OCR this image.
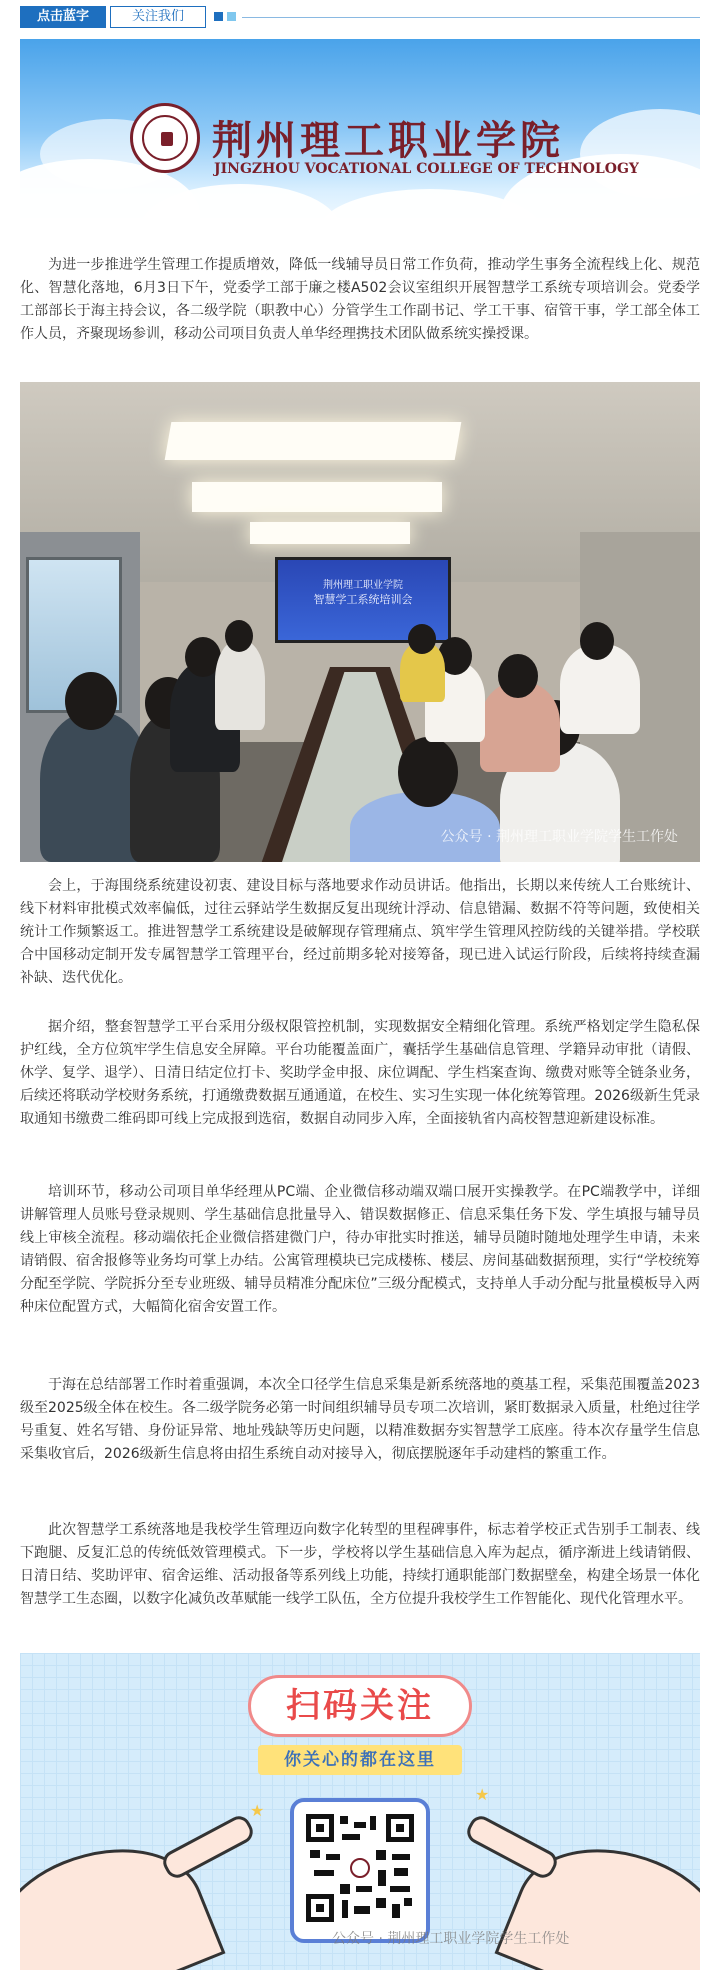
点击蓝字	关注我们
荆州理工职业学院
JINGZHOU VOCATIONAL COLLEGE OF TECHNOLOGY

为进一步推进学生管理工作提质增效，降低一线辅导员日常工作负荷，推动学生事务全流程线上化、规范化、智慧化落地，6月3日下午，党委学工部于廉之楼A502会议室组织开展智慧学工系统专项培训会。党委学工部部长于海主持会议，各二级学院（职教中心）分管学生工作副书记、学工干事、宿管干事，学工部全体工作人员，齐聚现场参训，移动公司项目负责人单华经理携技术团队做系统实操授课。

荆州理工职业学院
智慧学工系统培训会
公众号 · 荆州理工职业学院学生工作处

会上，于海围绕系统建设初衷、建设目标与落地要求作动员讲话。他指出，长期以来传统人工台账统计、线下材料审批模式效率偏低，过往云驿站学生数据反复出现统计浮动、信息错漏、数据不符等问题，致使相关统计工作频繁返工。推进智慧学工系统建设是破解现存管理痛点、筑牢学生管理风控防线的关键举措。学校联合中国移动定制开发专属智慧学工管理平台，经过前期多轮对接筹备，现已进入试运行阶段，后续将持续查漏补缺、迭代优化。

据介绍，整套智慧学工平台采用分级权限管控机制，实现数据安全精细化管理。系统严格划定学生隐私保护红线，全方位筑牢学生信息安全屏障。平台功能覆盖面广，囊括学生基础信息管理、学籍异动审批（请假、休学、复学、退学）、日清日结定位打卡、奖助学金申报、床位调配、学生档案查询、缴费对账等全链条业务，后续还将联动学校财务系统，打通缴费数据互通通道，在校生、实习生实现一体化统筹管理。2026级新生凭录取通知书缴费二维码即可线上完成报到选宿，数据自动同步入库，全面接轨省内高校智慧迎新建设标准。

培训环节，移动公司项目单华经理从PC端、企业微信移动端双端口展开实操教学。在PC端教学中，详细讲解管理人员账号登录规则、学生基础信息批量导入、错误数据修正、信息采集任务下发、学生填报与辅导员线上审核全流程。移动端依托企业微信搭建微门户，待办审批实时推送，辅导员随时随地处理学生申请，未来请销假、宿舍报修等业务均可掌上办结。公寓管理模块已完成楼栋、楼层、房间基础数据预理，实行“学校统筹分配至学院、学院拆分至专业班级、辅导员精准分配床位”三级分配模式，支持单人手动分配与批量模板导入两种床位配置方式，大幅简化宿舍安置工作。

于海在总结部署工作时着重强调，本次全口径学生信息采集是新系统落地的奠基工程，采集范围覆盖2023级至2025级全体在校生。各二级学院务必第一时间组织辅导员专项二次培训，紧盯数据录入质量，杜绝过往学号重复、姓名写错、身份证异常、地址残缺等历史问题，以精准数据夯实智慧学工底座。待本次存量学生信息采集收官后，2026级新生信息将由招生系统自动对接导入，彻底摆脱逐年手动建档的繁重工作。

此次智慧学工系统落地是我校学生管理迈向数字化转型的里程碑事件，标志着学校正式告别手工制表、线下跑腿、反复汇总的传统低效管理模式。下一步，学校将以学生基础信息入库为起点，循序渐进上线请销假、日清日结、奖助评审、宿舍运维、活动报备等系列线上功能，持续打通职能部门数据壁垒，构建全场景一体化智慧学工生态圈，以数字化减负改革赋能一线学工队伍，全方位提升我校学生工作智能化、现代化管理水平。

扫码关注
你关心的都在这里
★
★
公众号 · 荆州理工职业学院学生工作处
